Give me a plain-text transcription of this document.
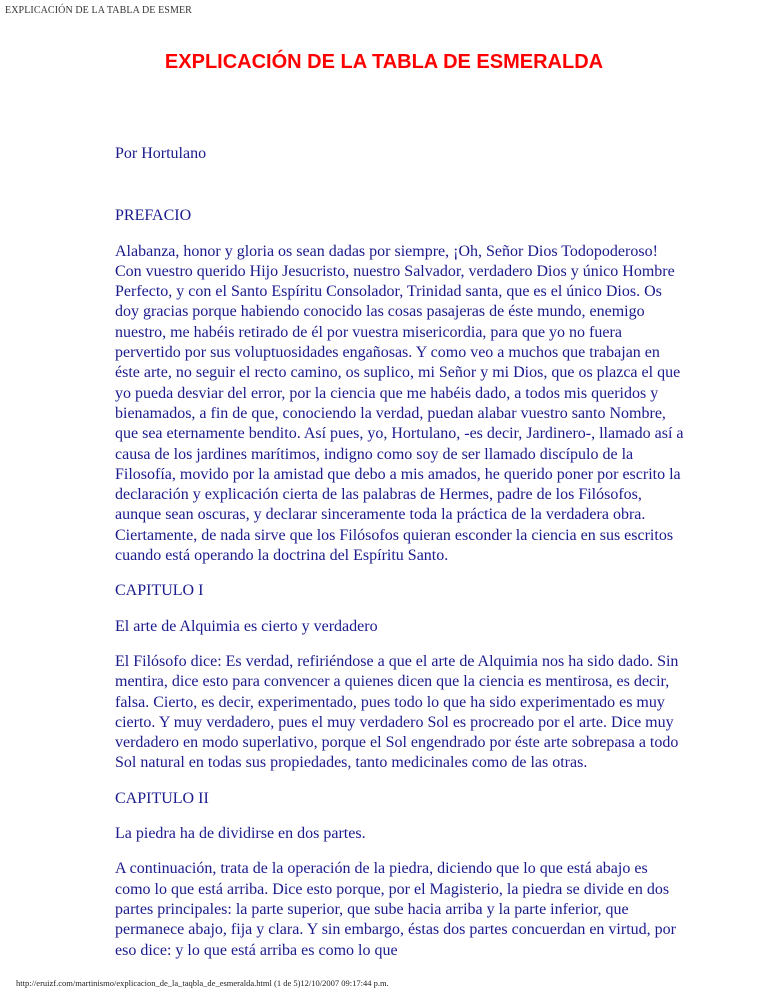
EXPLICACIÓN DE LA TABLA DE ESMER
EXPLICACIÓN DE LA TABLA DE ESMERALDA

Por Hortulano

PREFACIO

Alabanza, honor y gloria os sean dadas por siempre, ¡Oh, Señor Dios Todopoderoso! Con vuestro querido Hijo Jesucristo, nuestro Salvador, verdadero Dios y único Hombre Perfecto, y con el Santo Espíritu Consolador, Trinidad santa, que es el único Dios. Os doy gracias porque habiendo conocido las cosas pasajeras de éste mundo, enemigo nuestro, me habéis retirado de él por vuestra misericordia, para que yo no fuera pervertido por sus voluptuosidades engañosas. Y como veo a muchos que trabajan en éste arte, no seguir el recto camino, os suplico, mi Señor y mi Dios, que os plazca el que yo pueda desviar del error, por la ciencia que me habéis dado, a todos mis queridos y bienamados, a fin de que, conociendo la verdad, puedan alabar vuestro santo Nombre, que sea eternamente bendito. Así pues, yo, Hortulano, -es decir, Jardinero-, llamado así a causa de los jardines marítimos, indigno como soy de ser llamado discípulo de la Filosofía, movido por la amistad que debo a mis amados, he querido poner por escrito la declaración y explicación cierta de las palabras de Hermes, padre de los Filósofos, aunque sean oscuras, y declarar sinceramente toda la práctica de la verdadera obra. Ciertamente, de nada sirve que los Filósofos quieran esconder la ciencia en sus escritos cuando está operando la doctrina del Espíritu Santo.

CAPITULO I

El arte de Alquimia es cierto y verdadero

El Filósofo dice: Es verdad, refiriéndose a que el arte de Alquimia nos ha sido dado. Sin mentira, dice esto para convencer a quienes dicen que la ciencia es mentirosa, es decir, falsa. Cierto, es decir, experimentado, pues todo lo que ha sido experimentado es muy cierto. Y muy verdadero, pues el muy verdadero Sol es procreado por el arte. Dice muy verdadero en modo superlativo, porque el Sol engendrado por éste arte sobrepasa a todo Sol natural en todas sus propiedades, tanto medicinales como de las otras.

CAPITULO II

La piedra ha de dividirse en dos partes.

A continuación, trata de la operación de la piedra, diciendo que lo que está abajo es como lo que está arriba. Dice esto porque, por el Magisterio, la piedra se divide en dos partes principales: la parte superior, que sube hacia arriba y la parte inferior, que permanece abajo, fija y clara. Y sin embargo, éstas dos partes concuerdan en virtud, por eso dice: y lo que está arriba es como lo que

http://eruizf.com/martinismo/explicacion_de_la_taqbla_de_esmeralda.html (1 de 5)12/10/2007 09:17:44 p.m.
